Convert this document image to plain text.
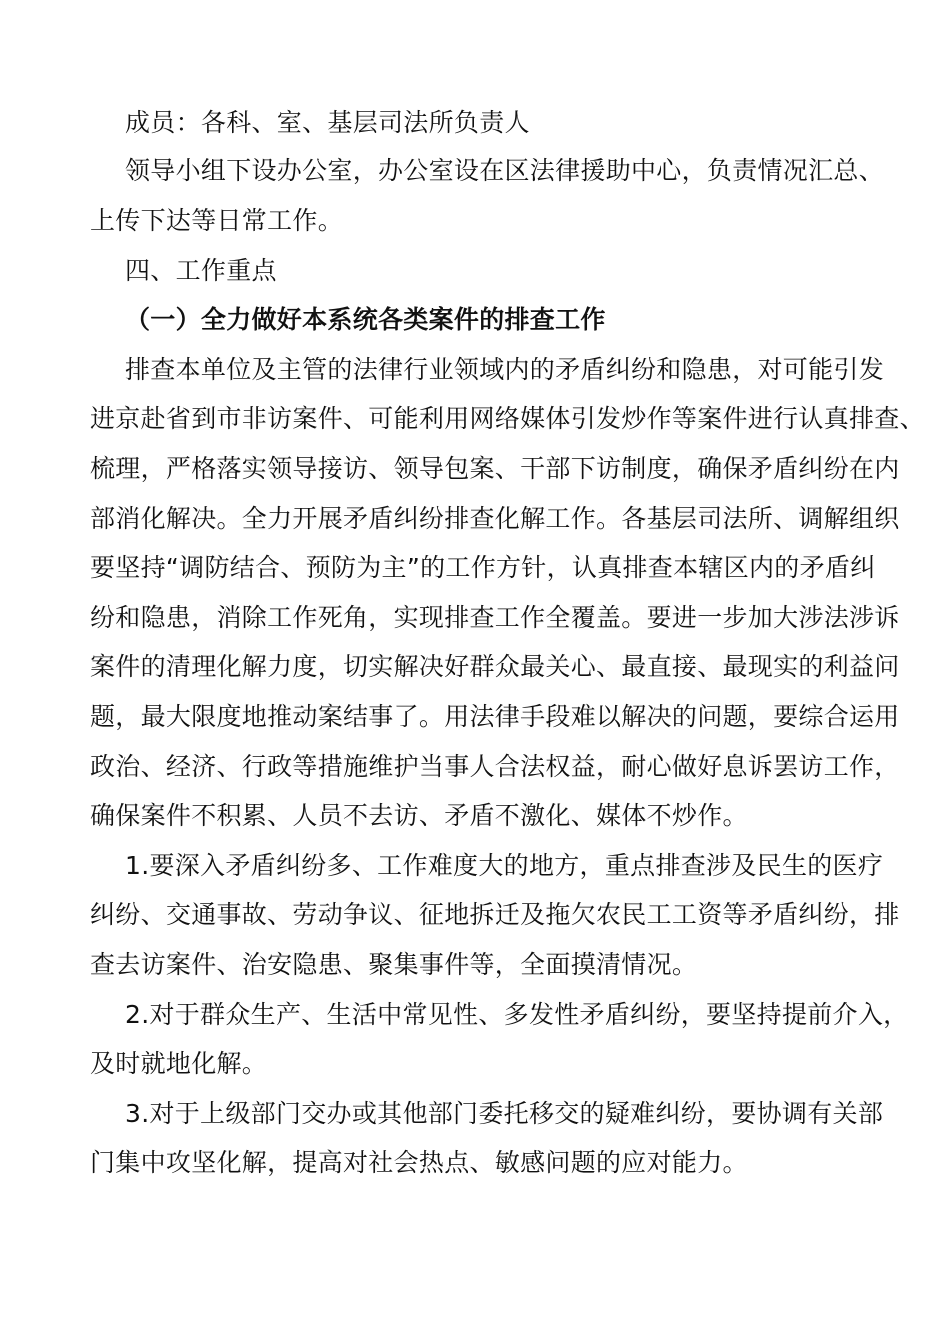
成员：各科、室、基层司法所负责人
领导小组下设办公室，办公室设在区法律援助中心，负责情况汇总、
上传下达等日常工作。
四、工作重点
（一）全力做好本系统各类案件的排查工作
排查本单位及主管的法律行业领域内的矛盾纠纷和隐患，对可能引发
进京赴省到市非访案件、可能利用网络媒体引发炒作等案件进行认真排查、
梳理，严格落实领导接访、领导包案、干部下访制度，确保矛盾纠纷在内
部消化解决。全力开展矛盾纠纷排查化解工作。各基层司法所、调解组织
要坚持“调防结合、预防为主”的工作方针，认真排查本辖区内的矛盾纠
纷和隐患，消除工作死角，实现排查工作全覆盖。要进一步加大涉法涉诉
案件的清理化解力度，切实解决好群众最关心、最直接、最现实的利益问
题，最大限度地推动案结事了。用法律手段难以解决的问题，要综合运用
政治、经济、行政等措施维护当事人合法权益，耐心做好息诉罢访工作，
确保案件不积累、人员不去访、矛盾不激化、媒体不炒作。
1.要深入矛盾纠纷多、工作难度大的地方，重点排查涉及民生的医疗
纠纷、交通事故、劳动争议、征地拆迁及拖欠农民工工资等矛盾纠纷，排
查去访案件、治安隐患、聚集事件等，全面摸清情况。
2.对于群众生产、生活中常见性、多发性矛盾纠纷，要坚持提前介入，
及时就地化解。
3.对于上级部门交办或其他部门委托移交的疑难纠纷，要协调有关部
门集中攻坚化解，提高对社会热点、敏感问题的应对能力。
